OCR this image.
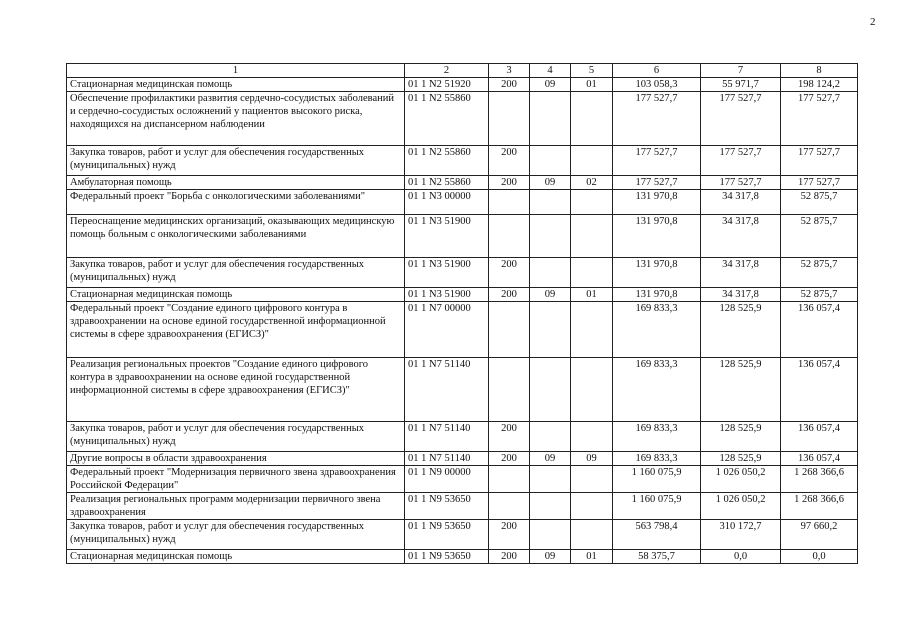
2
1	2	3	4	5	6	7	8
Стационарная медицинская помощь	01 1 N2 51920	200	09	01	103 058,3	55 971,7	198 124,2
Обеспечение профилактики развития сердечно-сосудистых заболеваний и сердечно-сосудистых осложнений у пациентов высокого риска, находящихся на диспансерном наблюдении	01 1 N2 55860				177 527,7	177 527,7	177 527,7
Закупка товаров, работ и услуг для обеспечения государственных (муниципальных) нужд	01 1 N2 55860	200			177 527,7	177 527,7	177 527,7
Амбулаторная помощь	01 1 N2 55860	200	09	02	177 527,7	177 527,7	177 527,7
Федеральный проект "Борьба с онкологическими заболеваниями"	01 1 N3 00000				131 970,8	34 317,8	52 875,7
Переоснащение медицинских организаций, оказывающих медицинскую помощь больным с онкологическими заболеваниями	01 1 N3 51900				131 970,8	34 317,8	52 875,7
Закупка товаров, работ и услуг для обеспечения государственных (муниципальных) нужд	01 1 N3 51900	200			131 970,8	34 317,8	52 875,7
Стационарная медицинская помощь	01 1 N3 51900	200	09	01	131 970,8	34 317,8	52 875,7
Федеральный проект "Создание единого цифрового контура в здравоохранении на основе единой государственной информационной системы в сфере здравоохранения (ЕГИСЗ)"	01 1 N7 00000				169 833,3	128 525,9	136 057,4
Реализация региональных проектов "Создание единого цифрового контура в здравоохранении на основе единой государственной информационной системы в сфере здравоохранения (ЕГИСЗ)"	01 1 N7 51140				169 833,3	128 525,9	136 057,4
Закупка товаров, работ и услуг для обеспечения государственных (муниципальных) нужд	01 1 N7 51140	200			169 833,3	128 525,9	136 057,4
Другие вопросы в области здравоохранения	01 1 N7 51140	200	09	09	169 833,3	128 525,9	136 057,4
Федеральный проект "Модернизация первичного звена здравоохранения Российской Федерации"	01 1 N9 00000				1 160 075,9	1 026 050,2	1 268 366,6
Реализация региональных программ модернизации первичного звена здравоохранения	01 1 N9 53650				1 160 075,9	1 026 050,2	1 268 366,6
Закупка товаров, работ и услуг для обеспечения государственных (муниципальных) нужд	01 1 N9 53650	200			563 798,4	310 172,7	97 660,2
Стационарная медицинская помощь	01 1 N9 53650	200	09	01	58 375,7	0,0	0,0
